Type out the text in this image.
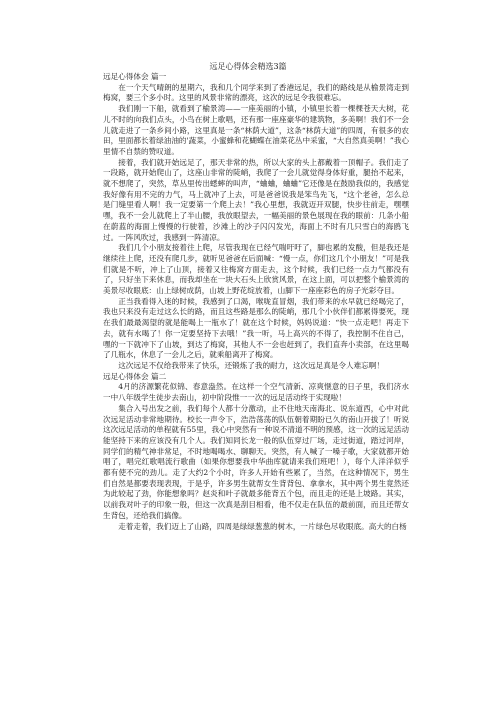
远足心得体会精选3篇

远足心得体会 篇一

在一个天气晴朗的星期六，我和几个同学来到了香港远足，我们的路线是从榆景湾走到梅窝，要三个多小时。这里的风景非常的漂亮，这次的远足令我很难忘。

我们刚一下船，就看到了榆景湾——一座美丽的小镇，小镇里长着一棵棵苍天大树，花儿不时的向我们点头，小鸟在树上歌唱，还有那一座座豪华的建筑物，多美啊！我们不一会儿就走进了一条乡间小路，这里真是一条“林荫大道”，这条“林荫大道”的四周，有很多的农田，里面都长着绿油油的'蔬菜，小蜜蜂和花蝴蝶在油菜花丛中采蜜，“大自然真美啊！”我心里情不自禁的赞叹道。

接着，我们就开始远足了，那天非常的热，所以大家的头上都戴着一顶帽子。我们走了一段路，就开始爬山了，这座山非常的陡峭，我爬了一会儿就觉得身体好重，腿抬不起来，就不想爬了，突然，草丛里传出蟋蟀的叫声，“蛐蛐，蛐蛐”它还像是在鼓励我似的，我感觉我好像有用不完的力气，马上就冲了上去，可是爸爸说我是笨鸟先飞，“这个老爸，怎么总是门缝里看人啊！我一定要第一个爬上去！”我心里想，我就迈开双腿，快步往前走，嘿嘿嘿，我不一会儿就爬上了半山腰，我放眼望去，一幅美丽的景色展现在我的眼前：几条小船在蔚蓝的海面上慢慢的行驶着，沙滩上的沙子闪闪发光，海面上不时有几只雪白的海鸥飞过。一阵风吹过，我感到一阵清凉。

我们几个小朋友接着往上爬，尽管我现在已经气喘吁吁了，脚也累的发酸，但是我还是继续往上爬，还没有爬几步，就听见爸爸在后面喊：“慢一点，你们这几个小朋友！”可是我们就是不听，冲上了山顶，接着又往梅窝方面走去，这个时候，我们已经一点力气都没有了，只好坐下来休息，而我却坐在一块大石头上欣赏风景，在这上面，可以把整个榆景湾的美景尽收眼底：山上绿树成荫，山坡上野花绽放着，山脚下一座座彩色的房子光彩夺目。

正当我看得入迷的时候，我感到了口渴，喉咙直冒烟，我们带来的水早就已经喝完了，我也只来没有走过这么长的路，而且这些路是那么的陡峭，那几个小伙伴们都累得要死，现在我们最最渴望的就是能喝上一瓶水了！就在这个时候，妈妈说道：“快一点走吧！再走下去，就有水喝了！你一定要坚持下去哦！”我一听，马上高兴的不得了，我控制不住自己，嘿的一下就冲下了山坡，到达了梅窝，其他人不一会也赶到了，我们直奔小卖部，在这里喝了几瓶水，休息了一会儿之后，就乘船离开了梅窝。

这次远足不仅给我带来了快乐，还锻炼了我的耐力，这次远足真是令人难忘啊！

远足心得体会 篇二

4月的济源繁花似锦、春意盎然。在这样一个空气清新、凉爽惬意的日子里，我们济水一中八年级学生徒步去南山，初中阶段惟一一次的远足活动终于实现啦！

集合入号出发之前，我们每个人都十分激动，止不住地天南海北、说东道西，心中对此次远足活动非常地期待。校长一声令下，浩浩荡荡的队伍朝着期盼已久的南山开拔了！听说这次远足活动的单程就有55里，我心中突然有一种说不清道不明的预感，这一次的远足活动能坚持下来的应该没有几个人。我们知同长龙一般的队伍穿过厂场，走过街道，踏过河岸，同学们的精气神非常足，不时地喝喝水、聊聊天。突然，有人喊了一嗓子歌，大家就都开始唱了，唱完红歌唱流行歌曲（如果你想要我中华曲库就请来我们班吧！），每个人洋洋似乎都有使不完的劲儿。走了大约2个小时，许多人开始有些累了，当然，在这种情况下，男生们自然是都要表现表现，于是乎，许多男生就帮女生背背包、拿拿水，其中两个男生竟然还为此较起了劲，你能想象吗？赵炎和叶子就最多能背五个包，而且走的还是上坡路。其实，以前我对叶子的印象一般，但这一次真是刮目相看，他不仅走在队伍的最前面，而且还帮女生背包，还给我们搞像。

走着走着，我们迈上了山路，四周是绿绿葱葱的树木，一片绿色尽收眼底。高大的白杨
